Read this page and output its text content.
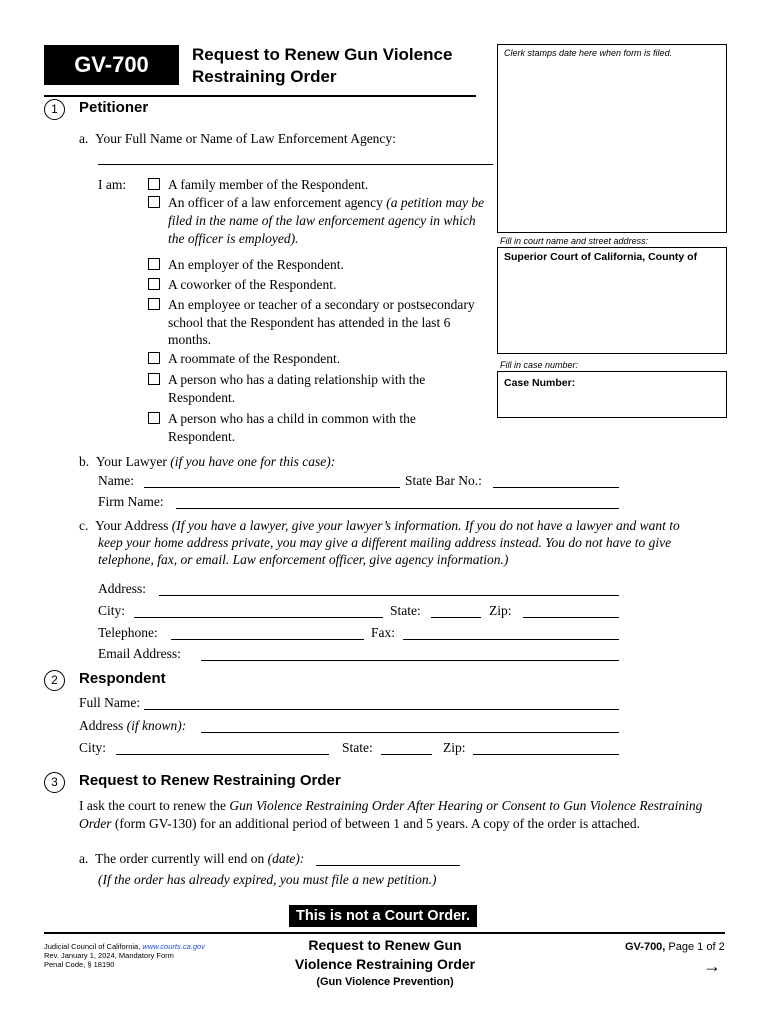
GV-700	Request to Renew Gun Violence
Restraining Order
Clerk stamps date here when form is filed.
Fill in court name and street address:
Superior Court of California, County of
Fill in case number:
Case Number:
1	Petitioner
a. Your Full Name or Name of Law Enforcement Agency:
I am:	A family member of the Respondent.
An officer of a law enforcement agency (a petition may be
filed in the name of the law enforcement agency in which
the officer is employed).
An employer of the Respondent.
A coworker of the Respondent.
An employee or teacher of a secondary or postsecondary
school that the Respondent has attended in the last 6
months.
A roommate of the Respondent.
A person who has a dating relationship with the
Respondent.
A person who has a child in common with the
Respondent.
b. Your Lawyer (if you have one for this case):
Name:	State Bar No.:
Firm Name:
c. Your Address (If you have a lawyer, give your lawyer’s information. If you do not have a lawyer and want to
keep your home address private, you may give a different mailing address instead. You do not have to give
telephone, fax, or email. Law enforcement officer, give agency information.)
Address:
City:	State:	Zip:
Telephone:	Fax:
Email Address:
2	Respondent
Full Name:
Address (if known):
City:	State:	Zip:
3	Request to Renew Restraining Order
I ask the court to renew the Gun Violence Restraining Order After Hearing or Consent to Gun Violence Restraining
Order (form GV-130) for an additional period of between 1 and 5 years. A copy of the order is attached.
a. The order currently will end on (date):
(If the order has already expired, you must file a new petition.)
This is not a Court Order.
Judicial Council of California, www.courts.ca.gov
Rev. January 1, 2024, Mandatory Form
Penal Code, § 18190
Request to Renew Gun
Violence Restraining Order
(Gun Violence Prevention)
GV-700, Page 1 of 2
→
